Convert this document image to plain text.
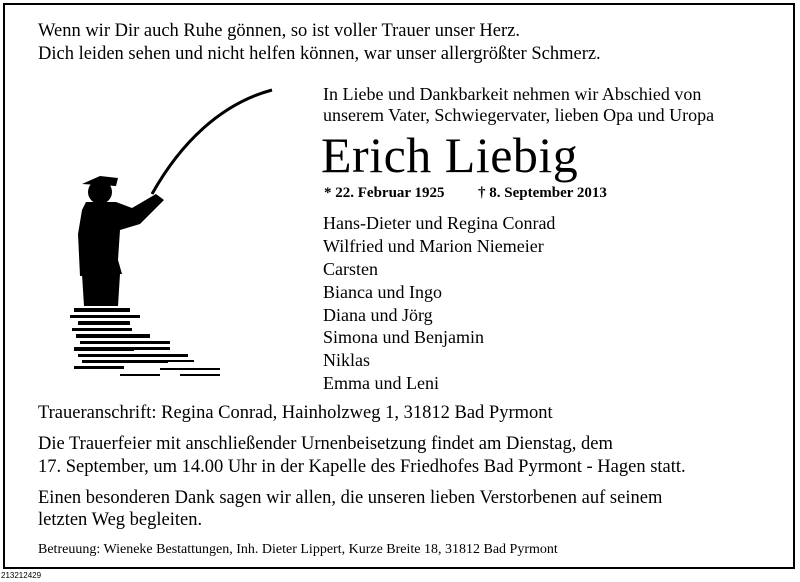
Wenn wir Dir auch Ruhe gönnen, so ist voller Trauer unser Herz.
Dich leiden sehen und nicht helfen können, war unser allergrößter Schmerz.
In Liebe und Dankbarkeit nehmen wir Abschied von
unserem Vater, Schwiegervater, lieben Opa und Uropa
Erich Liebig
* 22. Februar 1925 † 8. September 2013
Hans-Dieter und Regina Conrad
Wilfried und Marion Niemeier
Carsten
Bianca und Ingo
Diana und Jörg
Simona und Benjamin
Niklas
Emma und Leni
Traueranschrift: Regina Conrad, Hainholzweg 1, 31812 Bad Pyrmont
Die Trauerfeier mit anschließender Urnenbeisetzung findet am Dienstag, dem
17. September, um 14.00 Uhr in der Kapelle des Friedhofes Bad Pyrmont - Hagen statt.
Einen besonderen Dank sagen wir allen, die unseren lieben Verstorbenen auf seinem
letzten Weg begleiten.
Betreuung: Wieneke Bestattungen, Inh. Dieter Lippert, Kurze Breite 18, 31812 Bad Pyrmont
213212429
